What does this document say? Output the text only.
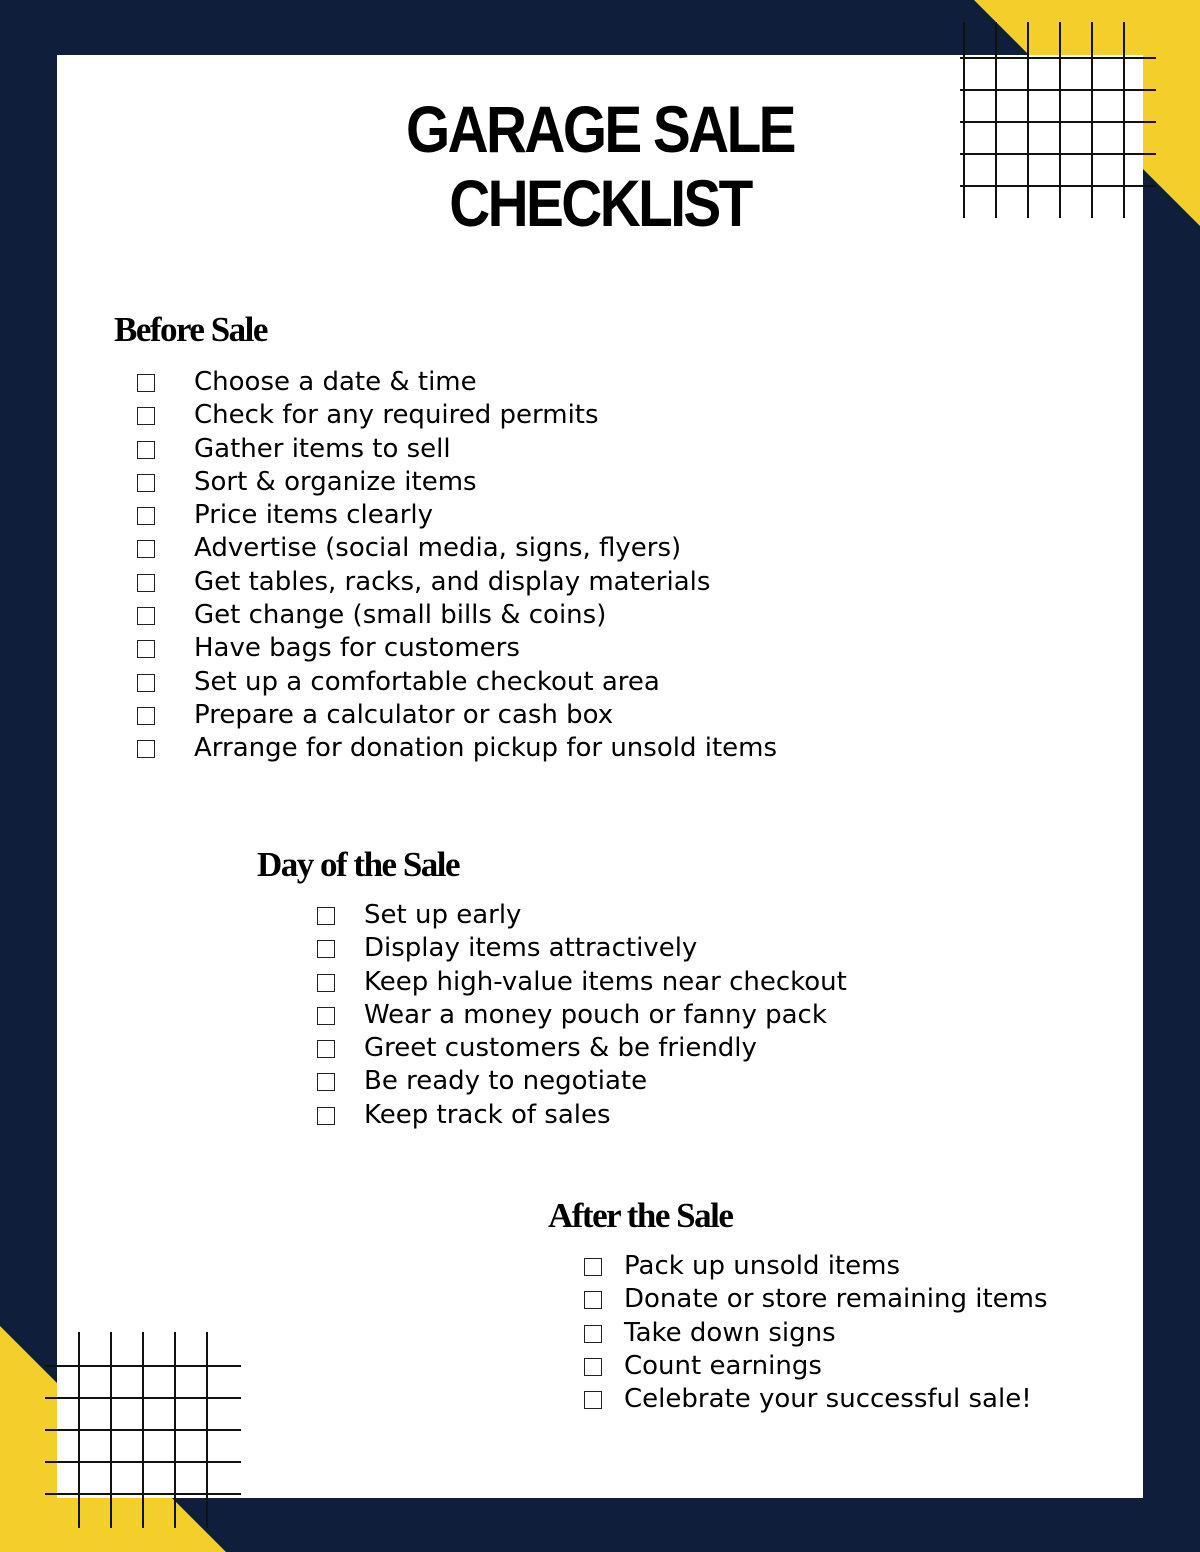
GARAGE SALE
CHECKLIST
Before Sale
Choose a date & time
Check for any required permits
Gather items to sell
Sort & organize items
Price items clearly
Advertise (social media, signs, flyers)
Get tables, racks, and display materials
Get change (small bills & coins)
Have bags for customers
Set up a comfortable checkout area
Prepare a calculator or cash box
Arrange for donation pickup for unsold items
Day of the Sale
Set up early
Display items attractively
Keep high-value items near checkout
Wear a money pouch or fanny pack
Greet customers & be friendly
Be ready to negotiate
Keep track of sales
After the Sale
Pack up unsold items
Donate or store remaining items
Take down signs
Count earnings
Celebrate your successful sale!
